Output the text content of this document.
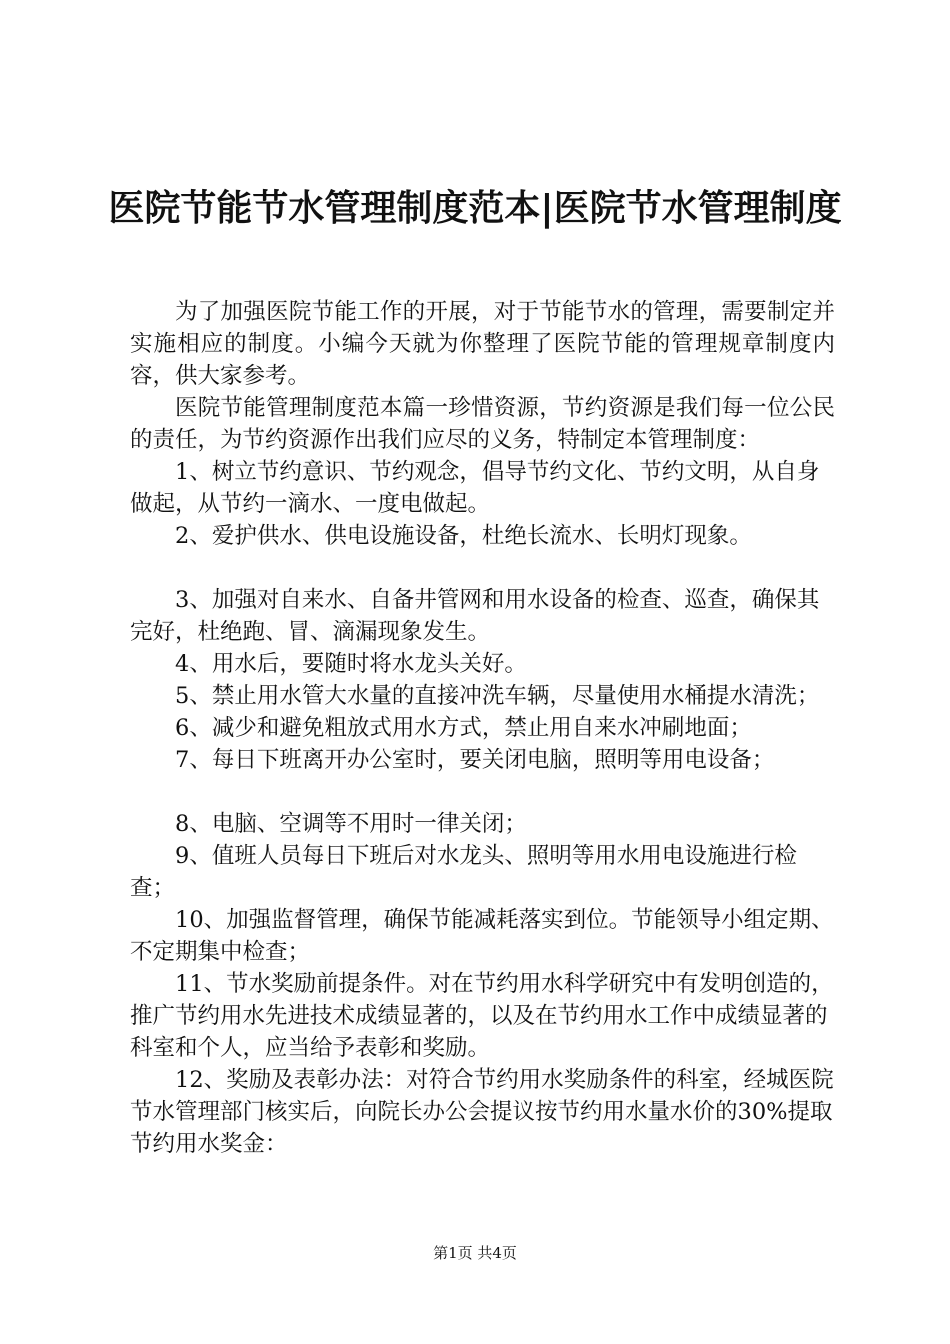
医院节能节水管理制度范本|医院节水管理制度

为了加强医院节能工作的开展，对于节能节水的管理，需要制定并实施相应的制度。小编今天就为你整理了医院节能的管理规章制度内容，供大家参考。

医院节能管理制度范本篇一珍惜资源，节约资源是我们每一位公民的责任，为节约资源作出我们应尽的义务，特制定本管理制度：

1、树立节约意识、节约观念，倡导节约文化、节约文明，从自身做起，从节约一滴水、一度电做起。

2、爱护供水、供电设施设备，杜绝长流水、长明灯现象。

3、加强对自来水、自备井管网和用水设备的检查、巡查，确保其完好，杜绝跑、冒、滴漏现象发生。

4、用水后，要随时将水龙头关好。

5、禁止用水管大水量的直接冲洗车辆，尽量使用水桶提水清洗；

6、减少和避免粗放式用水方式，禁止用自来水冲刷地面；

7、每日下班离开办公室时，要关闭电脑，照明等用电设备；

8、电脑、空调等不用时一律关闭；

9、值班人员每日下班后对水龙头、照明等用水用电设施进行检查；

10、加强监督管理，确保节能减耗落实到位。节能领导小组定期、不定期集中检查；

11、节水奖励前提条件。对在节约用水科学研究中有发明创造的，推广节约用水先进技术成绩显著的，以及在节约用水工作中成绩显著的科室和个人，应当给予表彰和奖励。

12、奖励及表彰办法：对符合节约用水奖励条件的科室，经城医院节水管理部门核实后，向院长办公会提议按节约用水量水价的30%提取节约用水奖金：

第1页 共4页
